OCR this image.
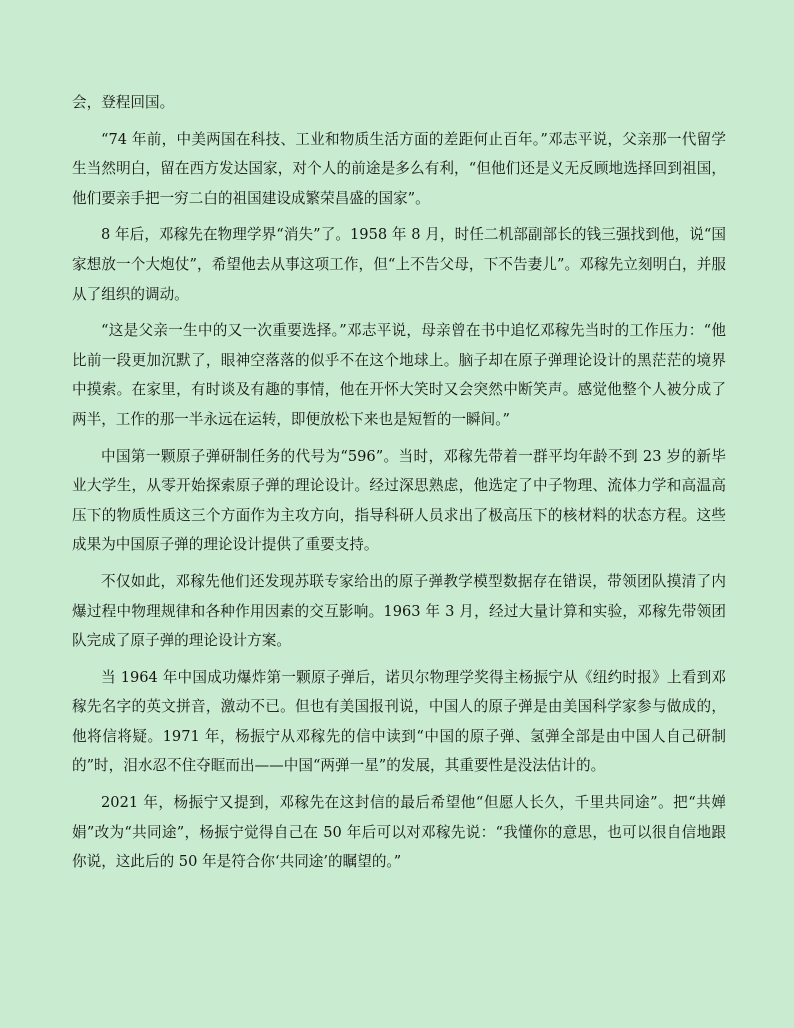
会，登程回国。

“74 年前，中美两国在科技、工业和物质生活方面的差距何止百年。”邓志平说，父亲那一代留学生当然明白，留在西方发达国家，对个人的前途是多么有利，“但他们还是义无反顾地选择回到祖国，他们要亲手把一穷二白的祖国建设成繁荣昌盛的国家”。

8 年后，邓稼先在物理学界“消失”了。1958 年 8 月，时任二机部副部长的钱三强找到他，说“国家想放一个大炮仗”，希望他去从事这项工作，但“上不告父母，下不告妻儿”。邓稼先立刻明白，并服从了组织的调动。

“这是父亲一生中的又一次重要选择。”邓志平说，母亲曾在书中追忆邓稼先当时的工作压力：“他比前一段更加沉默了，眼神空落落的似乎不在这个地球上。脑子却在原子弹理论设计的黑茫茫的境界中摸索。在家里，有时谈及有趣的事情，他在开怀大笑时又会突然中断笑声。感觉他整个人被分成了两半，工作的那一半永远在运转，即便放松下来也是短暂的一瞬间。”

中国第一颗原子弹研制任务的代号为“596”。当时，邓稼先带着一群平均年龄不到 23 岁的新毕业大学生，从零开始探索原子弹的理论设计。经过深思熟虑，他选定了中子物理、流体力学和高温高压下的物质性质这三个方面作为主攻方向，指导科研人员求出了极高压下的核材料的状态方程。这些成果为中国原子弹的理论设计提供了重要支持。

不仅如此，邓稼先他们还发现苏联专家给出的原子弹教学模型数据存在错误，带领团队摸清了内爆过程中物理规律和各种作用因素的交互影响。1963 年 3 月，经过大量计算和实验，邓稼先带领团队完成了原子弹的理论设计方案。

当 1964 年中国成功爆炸第一颗原子弹后，诺贝尔物理学奖得主杨振宁从《纽约时报》上看到邓稼先名字的英文拼音，激动不已。但也有美国报刊说，中国人的原子弹是由美国科学家参与做成的，他将信将疑。1971 年，杨振宁从邓稼先的信中读到“中国的原子弹、氢弹全部是由中国人自己研制的”时，泪水忍不住夺眶而出——中国“两弹一星”的发展，其重要性是没法估计的。

2021 年，杨振宁又提到，邓稼先在这封信的最后希望他“但愿人长久，千里共同途”。把“共婵娟”改为“共同途”，杨振宁觉得自己在 50 年后可以对邓稼先说：“我懂你的意思，也可以很自信地跟你说，这此后的 50 年是符合你‘共同途’的瞩望的。”
